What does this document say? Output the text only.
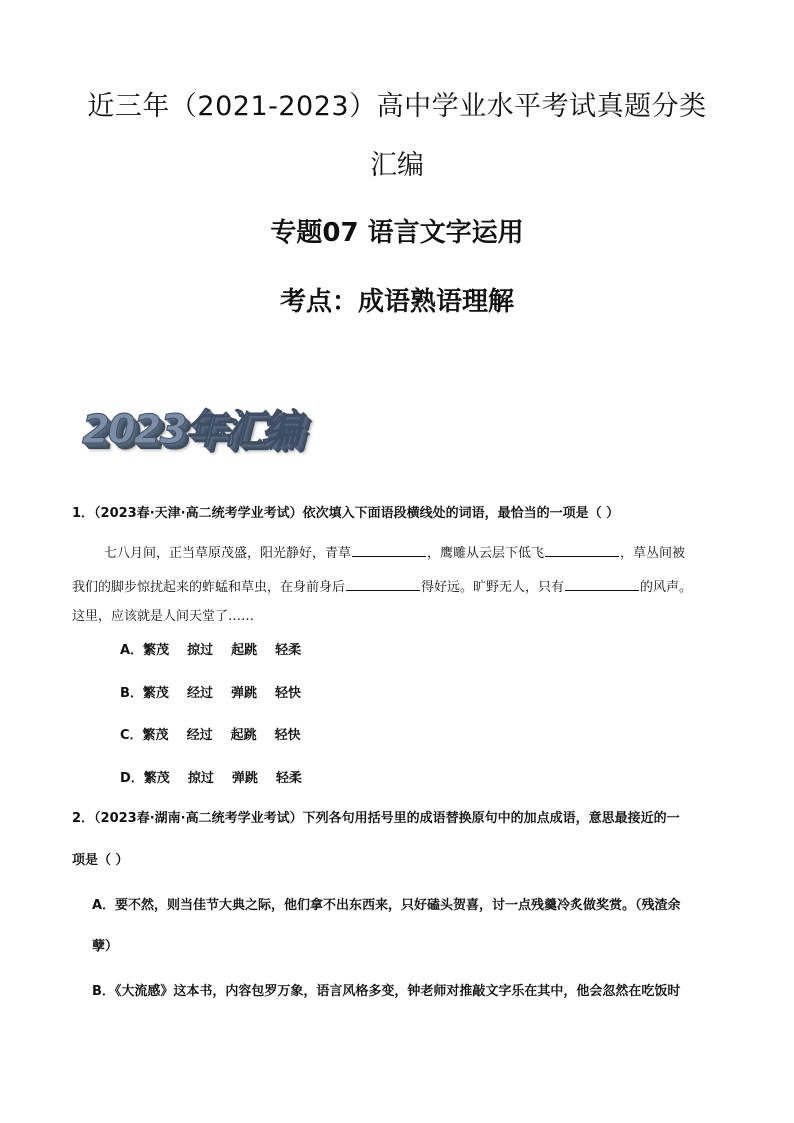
近三年（2021-2023）高中学业水平考试真题分类
汇编
专题07 语言文字运用
考点：成语熟语理解
2023年汇编
1．（2023春·天津·高二统考学业考试）依次填入下面语段横线处的词语，最恰当的一项是（ ）
七八月间，正当草原茂盛，阳光静好，青草	，鹰雕从云层下低飞	，草丛间被
我们的脚步惊扰起来的蚱蜢和草虫，在身前身后	得好远。旷野无人，只有	的风声。
这里，应该就是人间天堂了……
A．繁茂 掠过 起跳 轻柔
B．繁茂 经过 弹跳 轻快
C．繁茂 经过 起跳 轻快
D．繁茂 掠过 弹跳 轻柔
2．（2023春·湖南·高二统考学业考试）下列各句用括号里的成语替换原句中的加点成语，意思最接近的一
项是（ ）
A．要不然，则当佳节大典之际，他们拿不出东西来，只好磕头贺喜，讨一点残羹冷炙做奖赏。（残渣余
孽）
B．《大流感》这本书，内容包罗万象，语言风格多变，钟老师对推敲文字乐在其中，他会忽然在吃饭时
